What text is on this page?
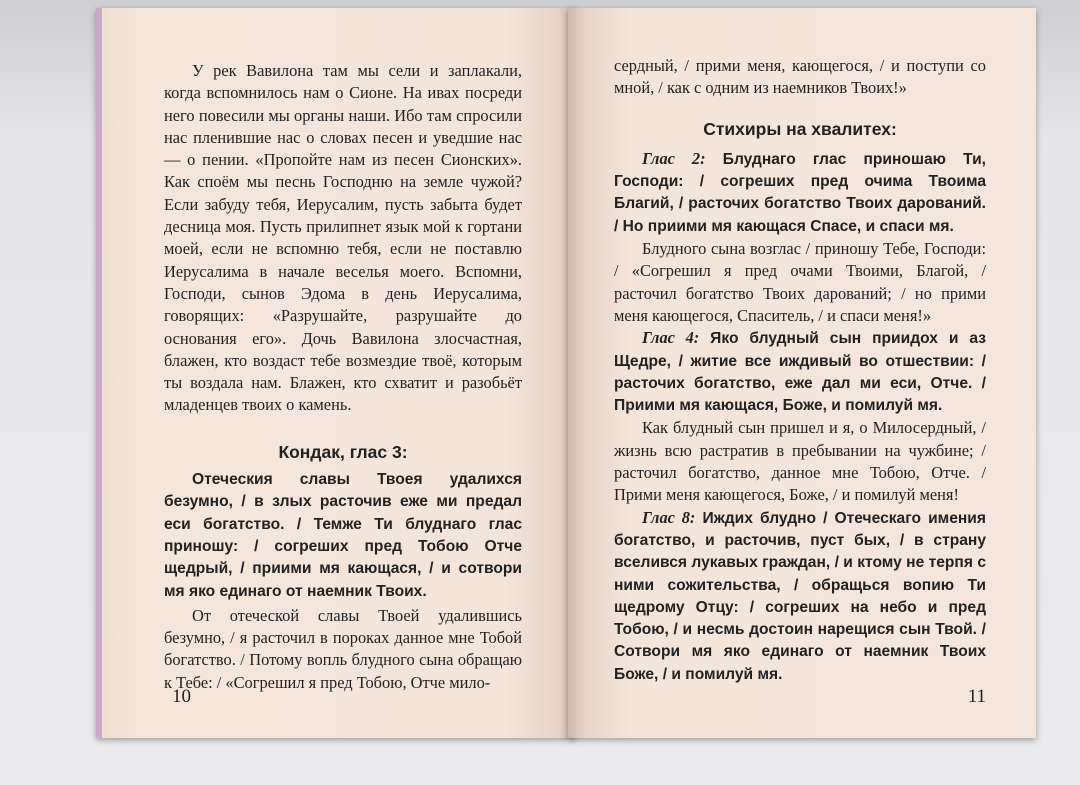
У рек Вавилона там мы сели и заплакали, когда вспомнилось нам о Сионе. На ивах посреди него повесили мы органы наши. Ибо там спросили нас пленившие нас о словах песен и уведшие нас — о пении. «Пропойте нам из песен Сионских». Как споём мы песнь Господню на земле чужой? Если забуду тебя, Иерусалим, пусть забыта будет десница моя. Пусть прилипнет язык мой к гортани моей, если не вспомню тебя, если не поставлю Иерусалима в начале веселья моего. Вспомни, Господи, сынов Эдома в день Иерусалима, говорящих: «Разрушайте, разрушайте до основания его». Дочь Вавилона злосчастная, блажен, кто воздаст тебе возмездие твоё, которым ты воздала нам. Блажен, кто схватит и разобьёт младенцев твоих о камень.

Кондак, глас 3:

Отеческия славы Твоея удалихся безумно, / в злых расточив еже ми предал еси богатство. / Темже Ти блуднаго глас приношу: / согреших пред Тобою Отче щедрый, / приими мя кающася, / и сотвори мя яко единаго от наемник Твоих.

От отеческой славы Твоей удалившись безумно, / я расточил в пороках данное мне Тобой богатство. / Потому вопль блудного сына обращаю к Тебе: / «Согрешил я пред Тобою, Отче мило-

10

сердный, / прими меня, кающегося, / и поступи со мной, / как с одним из наемников Твоих!»

Стихиры на хвалитех:

Глас 2: Блуднаго глас приношаю Ти, Господи: / согреших пред очима Твоима Благий, / расточих богатство Твоих дарований. / Но приими мя кающася Спасе, и спаси мя.

Блудного сына возглас / приношу Тебе, Господи: / «Согрешил я пред очами Твоими, Благой, / расточил богатство Твоих дарований; / но прими меня кающегося, Спаситель, / и спаси меня!»

Глас 4: Яко блудный сын приидох и аз Щедре, / житие все иждивый во отшествии: / расточих богатство, еже дал ми еси, Отче. / Приими мя кающася, Боже, и помилуй мя.

Как блудный сын пришел и я, о Милосердный, / жизнь всю растратив в пребывании на чужбине; / расточил богатство, данное мне Тобою, Отче. / Прими меня кающегося, Боже, / и помилуй меня!

Глас 8: Иждих блудно / Отеческаго имения богатство, и расточив, пуст бых, / в страну вселився лукавых граждан, / и ктому не терпя с ними сожительства, / обращься вопию Ти щедрому Отцу: / согреших на небо и пред Тобою, / и несмь достоин нарещися сын Твой. / Сотвори мя яко единаго от наемник Твоих Боже, / и помилуй мя.

11
